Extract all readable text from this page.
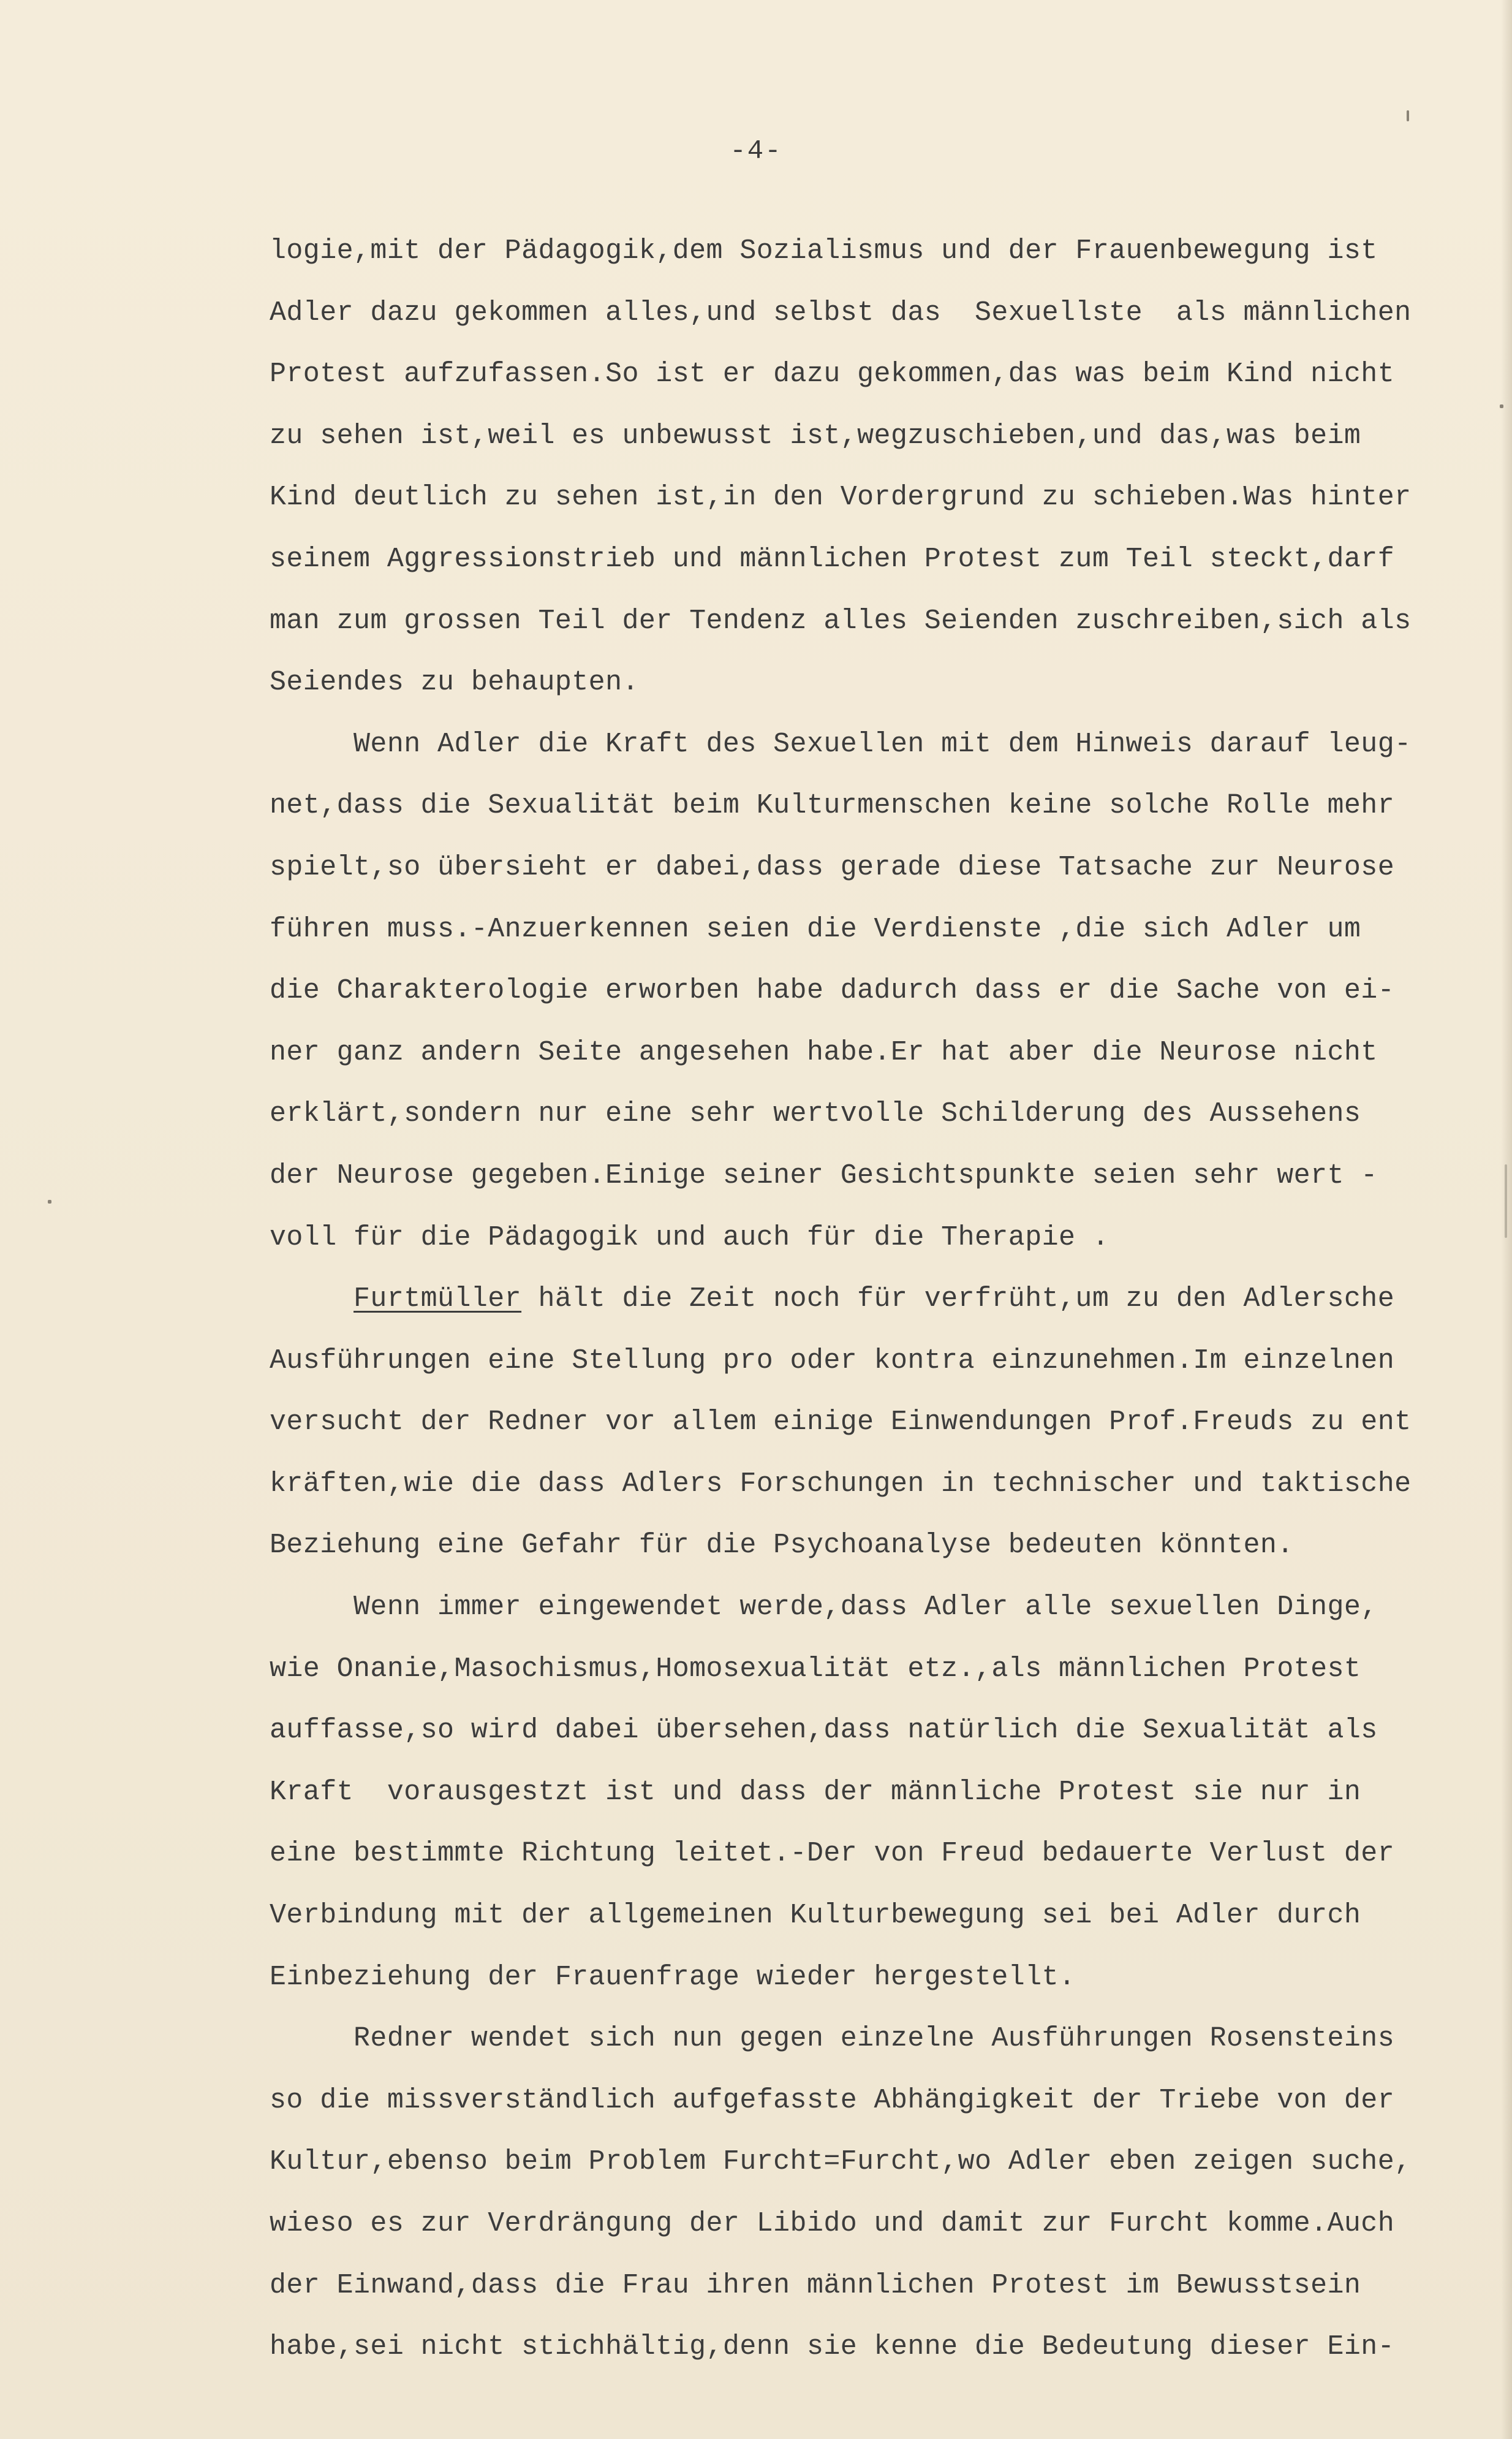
-4-
logie,mit der Pädagogik,dem Sozialismus und der Frauenbewegung ist
Adler dazu gekommen alles,und selbst das  Sexuellste  als männlichen
Protest aufzufassen.So ist er dazu gekommen,das was beim Kind nicht
zu sehen ist,weil es unbewusst ist,wegzuschieben,und das,was beim
Kind deutlich zu sehen ist,in den Vordergrund zu schieben.Was hinter
seinem Aggressionstrieb und männlichen Protest zum Teil steckt,darf
man zum grossen Teil der Tendenz alles Seienden zuschreiben,sich als
Seiendes zu behaupten.
Wenn Adler die Kraft des Sexuellen mit dem Hinweis darauf leug-
net,dass die Sexualität beim Kulturmenschen keine solche Rolle mehr
spielt,so übersieht er dabei,dass gerade diese Tatsache zur Neurose
führen muss.-Anzuerkennen seien die Verdienste ,die sich Adler um
die Charakterologie erworben habe dadurch dass er die Sache von ei-
ner ganz andern Seite angesehen habe.Er hat aber die Neurose nicht
erklärt,sondern nur eine sehr wertvolle Schilderung des Aussehens
der Neurose gegeben.Einige seiner Gesichtspunkte seien sehr wert -
voll für die Pädagogik und auch für die Therapie .
Furtmüller hält die Zeit noch für verfrüht,um zu den Adlersche
Ausführungen eine Stellung pro oder kontra einzunehmen.Im einzelnen
versucht der Redner vor allem einige Einwendungen Prof.Freuds zu ent
kräften,wie die dass Adlers Forschungen in technischer und taktische
Beziehung eine Gefahr für die Psychoanalyse bedeuten könnten.
Wenn immer eingewendet werde,dass Adler alle sexuellen Dinge,
wie Onanie,Masochismus,Homosexualität etz.,als männlichen Protest
auffasse,so wird dabei übersehen,dass natürlich die Sexualität als
Kraft  vorausgestzt ist und dass der männliche Protest sie nur in
eine bestimmte Richtung leitet.-Der von Freud bedauerte Verlust der
Verbindung mit der allgemeinen Kulturbewegung sei bei Adler durch
Einbeziehung der Frauenfrage wieder hergestellt.
Redner wendet sich nun gegen einzelne Ausführungen Rosensteins
so die missverständlich aufgefasste Abhängigkeit der Triebe von der
Kultur,ebenso beim Problem Furcht=Furcht,wo Adler eben zeigen suche,
wieso es zur Verdrängung der Libido und damit zur Furcht komme.Auch
der Einwand,dass die Frau ihren männlichen Protest im Bewusstsein
habe,sei nicht stichhältig,denn sie kenne die Bedeutung dieser Ein-
